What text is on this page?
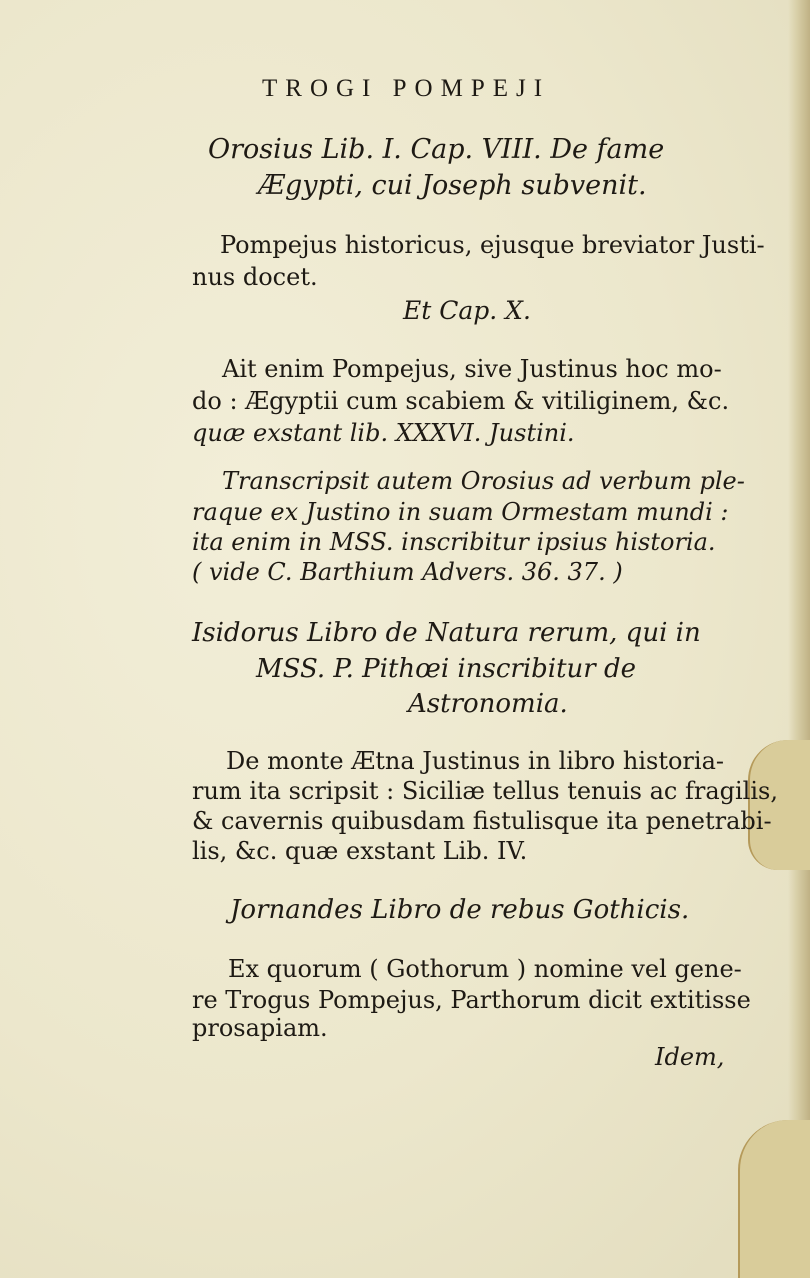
TROGI POMPEJI
Orosius Lib. I. Cap. VIII. De fame
Ægypti, cui Joseph subvenit.
Pompejus historicus, ejusque breviator Justi-
nus docet.
Et Cap. X.
Ait enim Pompejus, sive Justinus hoc mo-
do : Ægyptii cum scabiem & vitiliginem, &c.
quæ exstant lib. XXXVI. Justini.
Transcripsit autem Orosius ad verbum ple-
raque ex Justino in suam Ormestam mundi :
ita enim in MSS. inscribitur ipsius historia.
( vide C. Barthium Advers. 36. 37. )
Isidorus Libro de Natura rerum, qui in
MSS. P. Pithœi inscribitur de
Astronomia.
De monte Ætna Justinus in libro historia-
rum ita scripsit : Siciliæ tellus tenuis ac fragilis,
& cavernis quibusdam fistulisque ita penetrabi-
lis, &c. quæ exstant Lib. IV.
Jornandes Libro de rebus Gothicis.
Ex quorum ( Gothorum ) nomine vel gene-
re Trogus Pompejus, Parthorum dicit extitisse
prosapiam.
Idem,
